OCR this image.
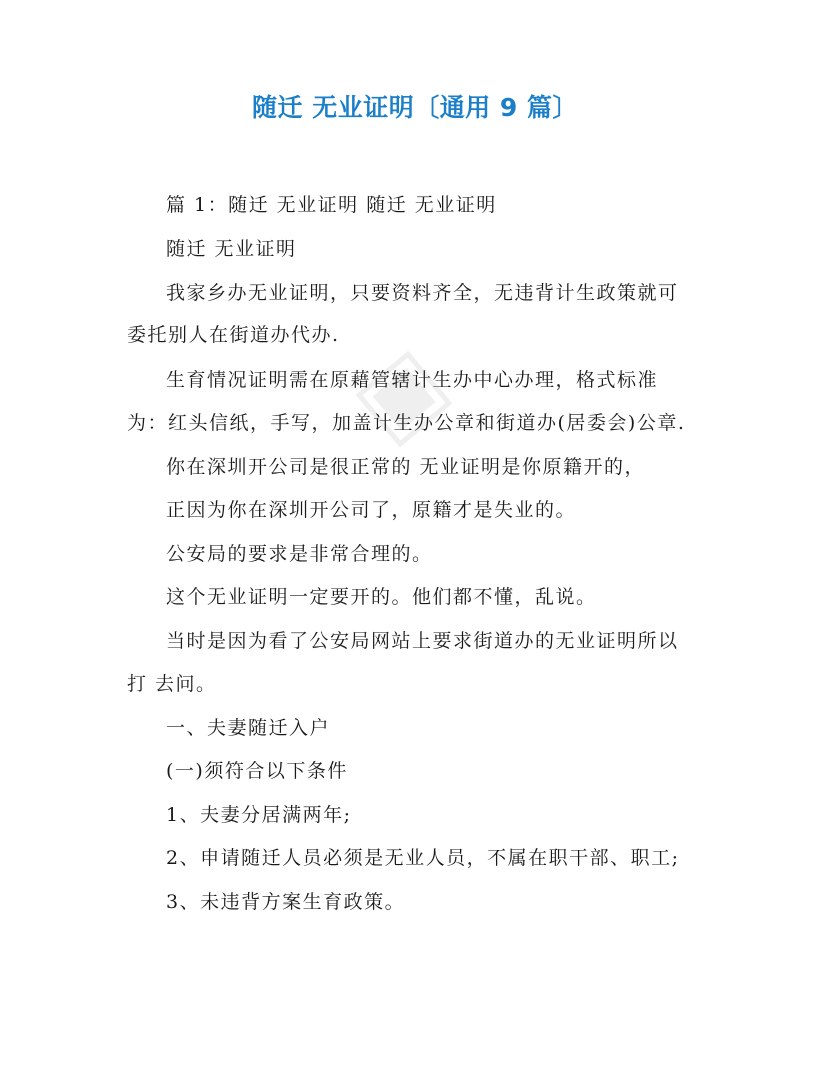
▣
随迁 无业证明〔通用 9 篇〕
篇 1：随迁 无业证明 随迁 无业证明
随迁 无业证明
我家乡办无业证明，只要资料齐全，无违背计生政策就可
委托别人在街道办代办.
生育情况证明需在原藉管辖计生办中心办理，格式标准
为：红头信纸，手写，加盖计生办公章和街道办(居委会)公章.
你在深圳开公司是很正常的 无业证明是你原籍开的，
正因为你在深圳开公司了，原籍才是失业的。
公安局的要求是非常合理的。
这个无业证明一定要开的。他们都不懂，乱说。
当时是因为看了公安局网站上要求街道办的无业证明所以
打 去问。
一、夫妻随迁入户
(一)须符合以下条件
1、夫妻分居满两年;
2、申请随迁人员必须是无业人员，不属在职干部、职工;
3、未违背方案生育政策。
